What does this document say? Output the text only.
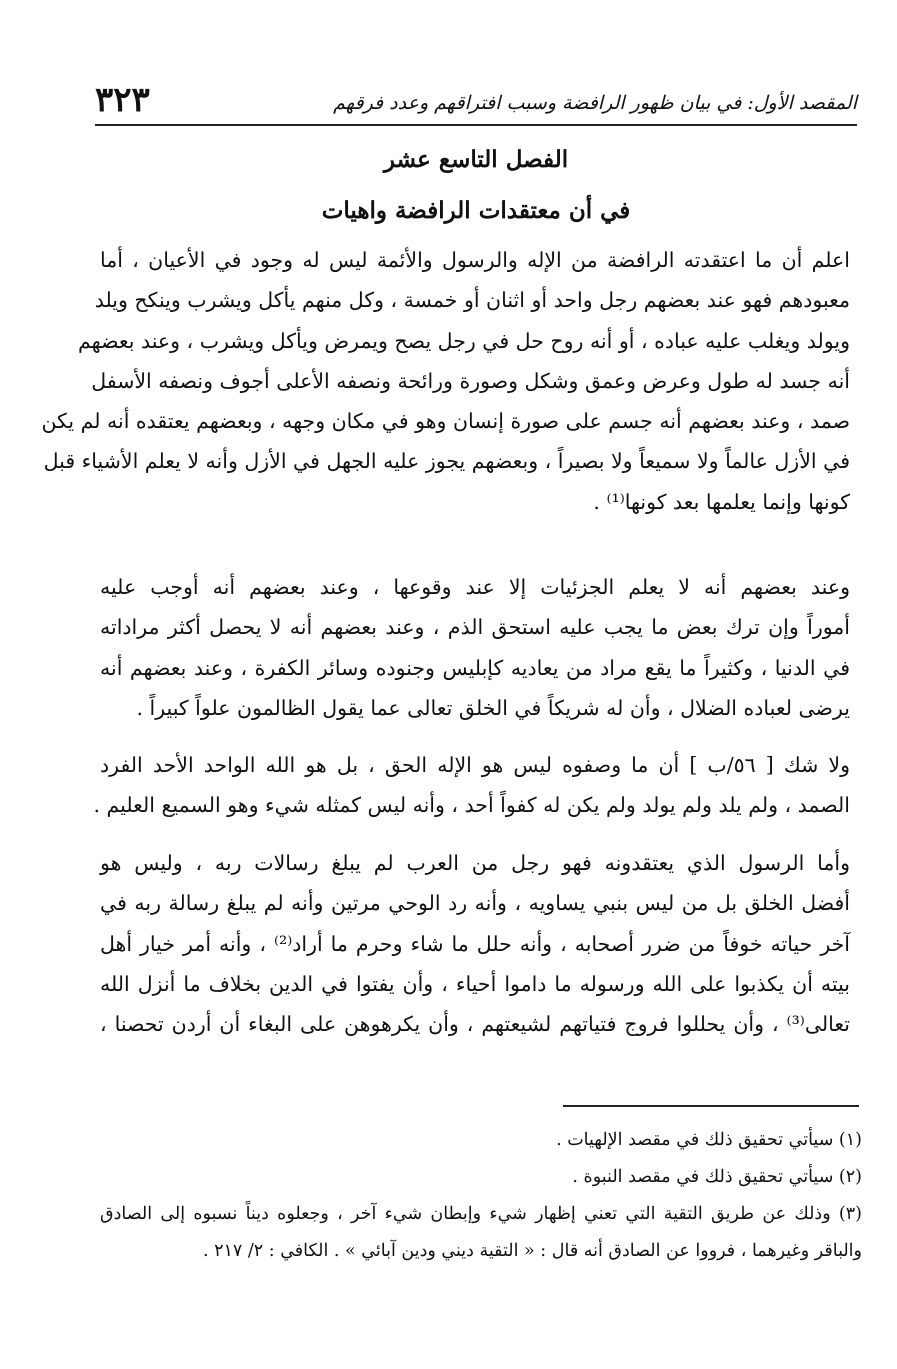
المقصد الأول: في بيان ظهور الرافضة وسبب افتراقهم وعدد فرقهم
٣٢٣
الفصل التاسع عشر
في أن معتقدات الرافضة واهيات
اعلم أن ما اعتقدته الرافضة من الإله والرسول والأئمة ليس له وجود في الأعيان ، أما
معبودهم فهو عند بعضهم رجل واحد أو اثنان أو خمسة ، وكل منهم يأكل ويشرب وينكح ويلد
ويولد ويغلب عليه عباده ، أو أنه روح حل في رجل يصح ويمرض ويأكل ويشرب ، وعند بعضهم
أنه جسد له طول وعرض وعمق وشكل وصورة ورائحة ونصفه الأعلى أجوف ونصفه الأسفل
صمد ، وعند بعضهم أنه جسم على صورة إنسان وهو في مكان وجهه ، وبعضهم يعتقده أنه لم يكن
في الأزل عالماً ولا سميعاً ولا بصيراً ، وبعضهم يجوز عليه الجهل في الأزل وأنه لا يعلم الأشياء قبل
كونها وإنما يعلمها بعد كونها⁽¹⁾ .
وعند بعضهم أنه لا يعلم الجزئيات إلا عند وقوعها ، وعند بعضهم أنه أوجب عليه
أموراً وإن ترك بعض ما يجب عليه استحق الذم ، وعند بعضهم أنه لا يحصل أكثر مراداته
في الدنيا ، وكثيراً ما يقع مراد من يعاديه كإبليس وجنوده وسائر الكفرة ، وعند بعضهم أنه
يرضى لعباده الضلال ، وأن له شريكاً في الخلق تعالى عما يقول الظالمون علواً كبيراً .
ولا شك [ ٥٦/ب ] أن ما وصفوه ليس هو الإله الحق ، بل هو الله الواحد الأحد الفرد
الصمد ، ولم يلد ولم يولد ولم يكن له كفواً أحد ، وأنه ليس كمثله شيء وهو السميع العليم .
وأما الرسول الذي يعتقدونه فهو رجل من العرب لم يبلغ رسالات ربه ، وليس هو
أفضل الخلق بل من ليس بنبي يساويه ، وأنه رد الوحي مرتين وأنه لم يبلغ رسالة ربه في
آخر حياته خوفاً من ضرر أصحابه ، وأنه حلل ما شاء وحرم ما أراد⁽²⁾ ، وأنه أمر خيار أهل
بيته أن يكذبوا على الله ورسوله ما داموا أحياء ، وأن يفتوا في الدين بخلاف ما أنزل الله
تعالى⁽³⁾ ، وأن يحللوا فروج فتياتهم لشيعتهم ، وأن يكرهوهن على البغاء أن أردن تحصنا ،
(١) سيأتي تحقيق ذلك في مقصد الإلهيات .
(٢) سيأتي تحقيق ذلك في مقصد النبوة .
(٣) وذلك عن طريق التقية التي تعني إظهار شيء وإبطان شيء آخر ، وجعلوه ديناً نسبوه إلى الصادق
والباقر وغيرهما ، فرووا عن الصادق أنه قال : « التقية ديني ودين آبائي » . الكافي : ٢/ ٢١٧ .
